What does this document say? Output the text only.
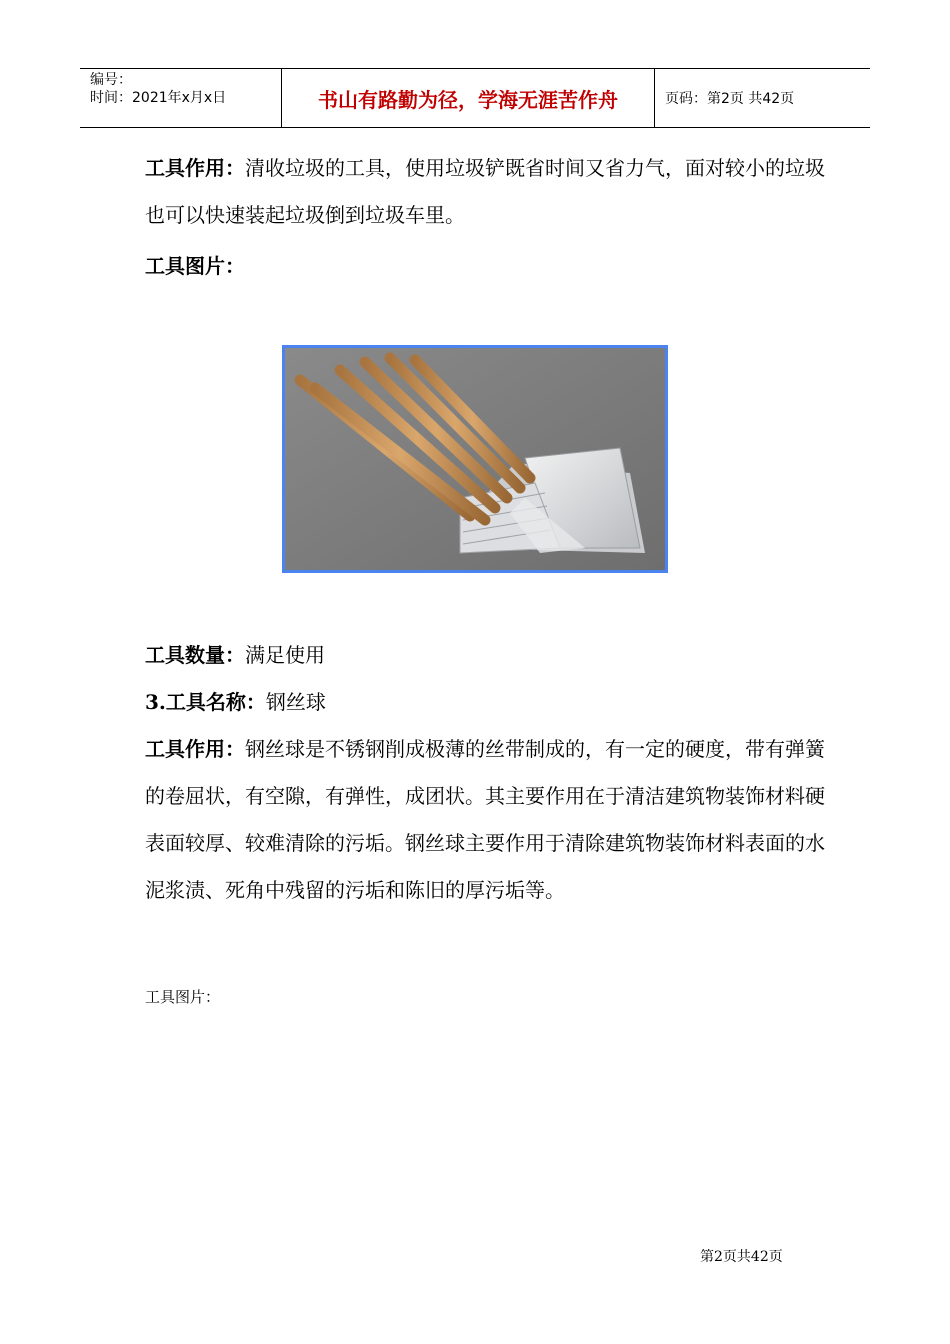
编号：
时间：2021年x月x日	书山有路勤为径，学海无涯苦作舟	页码：第2页 共42页

工具作用：清收垃圾的工具，使用垃圾铲既省时间又省力气，面对较小的垃圾也可以快速装起垃圾倒到垃圾车里。

工具图片：

工具数量：满足使用

3.工具名称：钢丝球

工具作用：钢丝球是不锈钢削成极薄的丝带制成的，有一定的硬度，带有弹簧的卷屈状，有空隙，有弹性，成团状。其主要作用在于清洁建筑物装饰材料硬表面较厚、较难清除的污垢。钢丝球主要作用于清除建筑物装饰材料表面的水泥浆渍、死角中残留的污垢和陈旧的厚污垢等。

工具图片：
第2页共42页
